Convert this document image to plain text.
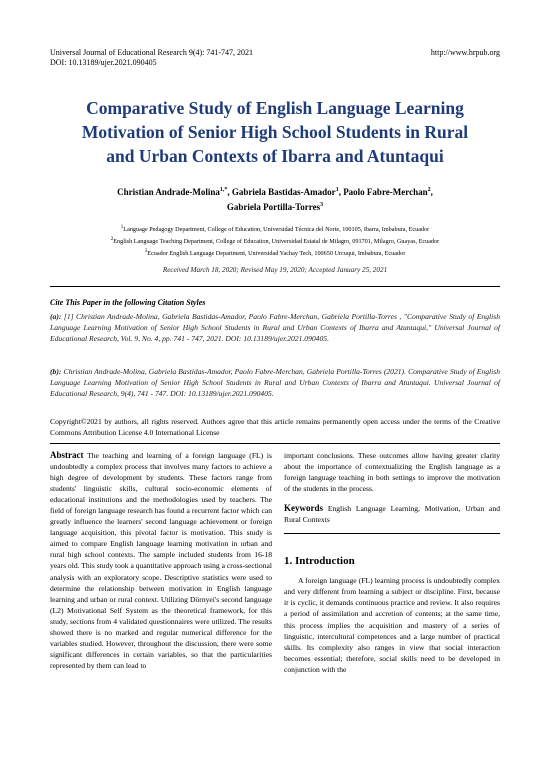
Universal Journal of Educational Research 9(4): 741-747, 2021	http://www.hrpub.org
DOI: 10.13189/ujer.2021.090405
Comparative Study of English Language Learning
Motivation of Senior High School Students in Rural
and Urban Contexts of Ibarra and Atuntaqui
Christian Andrade-Molina$^{1,*}$, Gabriela Bastidas-Amador$^1$, Paolo Fabre-Merchan$^2$,
Gabriela Portilla-Torres$^3$
$^1$Language Pedagogy Department, College of Education, Universidad Técnica del Norte, 100105, Ibarra, Imbabura, Ecuador
$^2$English Language Teaching Department, College of Education, Universidad Estatal de Milagro, 091701, Milagro, Guayas, Ecuador
$^3$Ecuador English Language Department, Universidad Yachay Tech, 100650 Urcuqui, Imbabura, Ecuador
Received March 18, 2020; Revised May 19, 2020; Accepted January 25, 2021
Cite This Paper in the following Citation Styles
(a): [1] Christian Andrade-Molina, Gabriela Bastidas-Amador, Paolo Fabre-Merchan, Gabriela Portilla-Torres , "Comparative Study of English Language Learning Motivation of Senior High School Students in Rural and Urban Contexts of Ibarra and Atuntaqui," Universal Journal of Educational Research, Vol. 9, No. 4, pp. 741 - 747, 2021. DOI: 10.13189/ujer.2021.090405.
(b): Christian Andrade-Molina, Gabriela Bastidas-Amador, Paolo Fabre-Merchan, Gabriela Portilla-Torres (2021). Comparative Study of English Language Learning Motivation of Senior High School Students in Rural and Urban Contexts of Ibarra and Atuntaqui. Universal Journal of Educational Research, 9(4), 741 - 747. DOI: 10.13189/ujer.2021.090405.
Copyright©2021 by authors, all rights reserved. Authors agree that this article remains permanently open access under the terms of the Creative Commons Attribution License 4.0 International License
Abstract The teaching and learning of a foreign language (FL) is undoubtedly a complex process that involves many factors to achieve a high degree of development by students. These factors range from students' linguistic skills, cultural socio-economic elements of educational institutions and the methodologies used by teachers. The field of foreign language research has found a recurrent factor which can greatly influence the learners' second language achievement or foreign language acquisition, this pivotal factor is motivation. This study is aimed to compare English language learning motivation in urban and rural high school contexts. The sample included students from 16-18 years old. This study took a quantitative approach using a cross-sectional analysis with an exploratory scope. Descriptive statistics were used to determine the relationship between motivation in English language learning and urban or rural context. Utilizing Dörnyei's second language (L2) Motivational Self System as the theoretical framework, for this study, sections from 4 validated questionnaires were utilized. The results showed there is no marked and regular numerical difference for the variables studied. However, throughout the discussion, there were some significant differences in certain variables, so that the particularities represented by them can lead to
important conclusions. These outcomes allow having greater clarity about the importance of contextualizing the English language as a foreign language teaching in both settings to improve the motivation of the students in the process.
Keywords English Language Learning, Motivation, Urban and Rural Contexts
1. Introduction
A foreign language (FL) learning process is undoubtedly complex and very different from learning a subject or discipline. First, because it is cyclic, it demands continuous practice and review. It also requires a period of assimilation and accretion of contents; at the same time, this process implies the acquisition and mastery of a series of linguistic, intercultural competences and a large number of practical skills. Its complexity also ranges in view that social interaction becomes essential; therefore, social skills need to be developed in conjunction with the
